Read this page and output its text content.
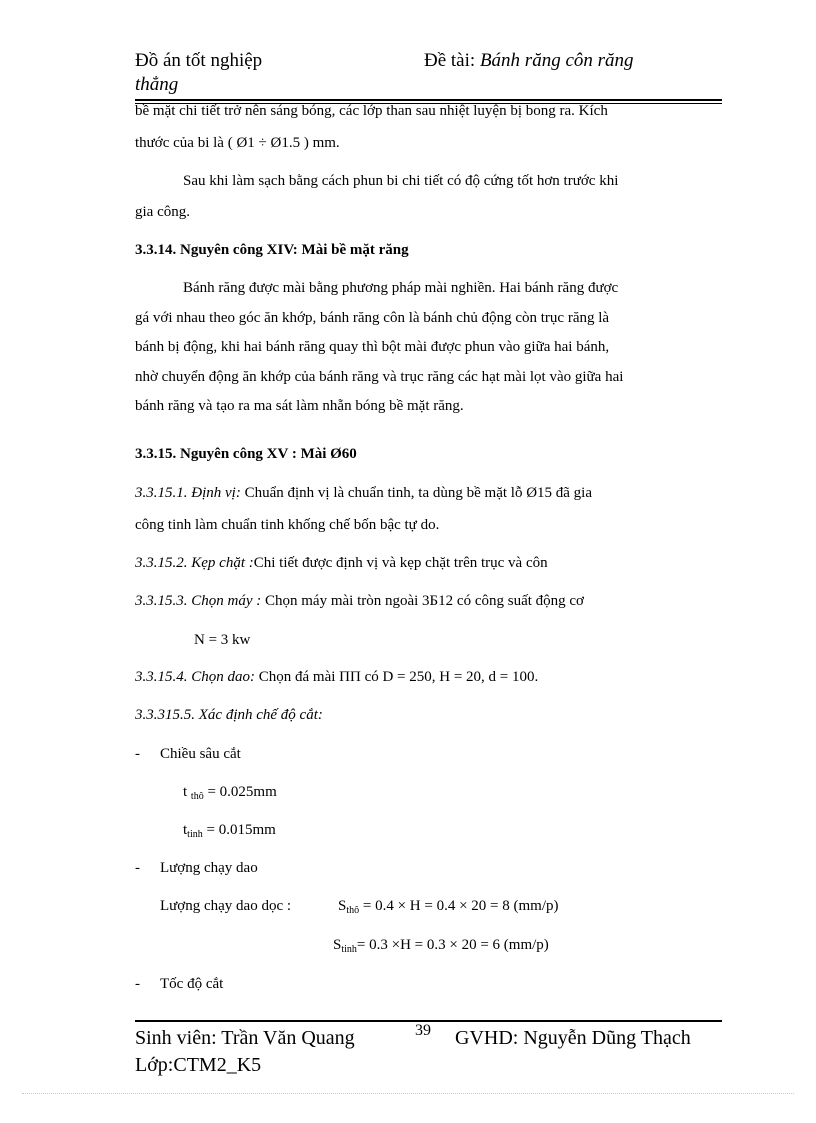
Đồ án tốt nghiệp	Đề tài: Bánh răng côn răng
thẳng
bề mặt chi tiết trở nên sáng bóng, các lớp than sau nhiệt luyện bị bong ra. Kích
thước của bi là ( Ø1 ÷ Ø1.5 ) mm.
Sau khi làm sạch bằng cách phun bi chi tiết có độ cứng tốt hơn trước khi
gia công.
3.3.14. Nguyên công XIV: Mài bề mặt răng
Bánh răng được mài bằng phương pháp mài nghiền. Hai bánh răng được
gá với nhau theo góc ăn khớp, bánh răng côn là bánh chủ động còn trục răng là
bánh bị động, khi hai bánh răng quay thì bột mài được phun vào giữa hai bánh,
nhờ chuyển động ăn khớp của bánh răng và trục răng các hạt mài lọt vào giữa hai
bánh răng và tạo ra ma sát làm nhẵn bóng bề mặt răng.
3.3.15. Nguyên công XV : Mài Ø60
3.3.15.1. Định vị: Chuẩn định vị là chuẩn tinh, ta dùng bề mặt lỗ Ø15 đã gia
công tinh làm chuẩn tinh khống chế bốn bậc tự do.
3.3.15.2. Kẹp chặt :Chi tiết được định vị và kẹp chặt trên trục và côn
3.3.15.3. Chọn máy : Chọn máy mài tròn ngoài 3Б12 có công suất động cơ
N = 3 kw
3.3.15.4. Chọn dao: Chọn đá mài ПП có D = 250, H = 20, d = 100.
3.3.315.5. Xác định chế độ cắt:
- Chiều sâu cắt
t $_{thô}$ = 0.025mm
$t_{tinh} = 0.015mm$
- Lượng chạy dao
Lượng chạy dao dọc :	$S_{thô} = 0.4 \times H = 0.4 \times 20 = 8$ (mm/p)
$S_{tinh}= 0.3 \times H = 0.3 \times 20 = 6$ (mm/p)
- Tốc độ cắt
Sinh viên: Trần Văn Quang	39 GVHD: Nguyễn Dũng Thạch
Lớp:CTM2_K5
